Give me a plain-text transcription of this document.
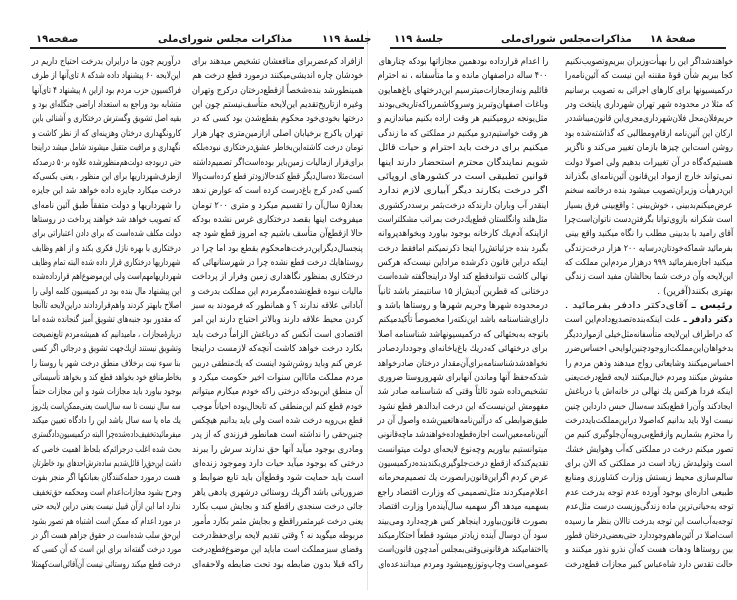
صفحه۱۹	مذاکرات مجلس شورای‌ملی	جلسهٔ ۱۱۹
ازافراد کم‌عضربرای منافعشان تشخیص میدهند برای
خودشان چاره اندیشی‌میکنند درمورد قطع درخت هم
همینطورشد بنده‌شخصاً ازقطع‌درختان درکرج وتهران
وغیره ازتاریخ‌تقدیم این‌لایحه متأسف‌نیستم چون این
درختها بخودی‌خود محکوم بقطع‌شدن بود کسی که در
تهران یاکرج برخیابان اصلی ازازمین‌متری چهار هزار
تومان درخت کاشته‌این‌بخاطر عشق‌درختکاری نبوده‌بلکه
برای‌فرار ازمالیات زمین‌بایر بوده‌است‌اگر تصمیم‌داشته
است‌مثلا ده‌سال‌دیگر قطع کندحالازودتر قطع کرده‌است‌والا
کسی که‌در کرج باغ‌درست کرده است که عوارض ندهد
بعداز۵ سال‌آن را تقسیم میکرد و متری ۲۰۰ تومان
میفروخت اینها بقصد درختکاری غرس نشده بودکه
حالا ازقطع‌آن متأسف باشیم چه امروز قطع شود چه
پنجسال‌دیگراین‌درخت‌هامحکوم بقطع بود اما چرا در
روستاهایك درخت قطع نشده چرا در شهرستانهائی که
درختکاری بمنظور نگاهداری زمین وفرار از پرداخت
مالیات نبوده قطع‌نشده‌مگرمردم این مملکت بدرخت و
آبادانی علاقه ندارند ؟ و همانطور که فرمودند به سبز
کردن محیط علاقه دارند وبالاتر احتیاج دارند این امر
اقتصادی است آنکس که درباغش الزاماً درخت باید
بکارد درخت خواهد کاشت آنچه‌که لازمست دراینجا
عرض کنم وباید روشن‌شود اینست که یك‌منطقی دربین
مردم مملکت ماتااین سنوات اخیر حکومت میکرد و
آن منطق این‌بودکه درختی راکه خودم میکارم میتوانم
خودم قطع کنم این‌منطقی که تابحال‌بوده احیاناً موجب
قطع بی‌رویه درخت شده است ولی باید بدانیم هیچکس
چنین‌حقی را نداشته است همانطور فرزندی که از پدر
ومادری بوجود میآید آنها حق ندارند سرش را ببرند
درختی که بوجود میآید حیات دارد وموجود زنده‌ای
است باید حمایت شود وقطع‌آن باید تابع ضوابط و
ضروریاتی باشد اگریك روستائی درشهری یادهی یاهر
جائی درخت سنجدی راقطع کند و بجایش سیب بکارد
یعنی درخت غیرمثمرراقطع و بجایش مثمر بکارد مأمور
مربوطه میگوید نه ؟ وقتی تقدیم لایحه برای‌حفظ‌درخت
وفضای سبزمملکت است ماباید این موضوع‌قطع‌درخت
راکه قبلا بدون ضابطه بود تحت ضابطه ولاحقه‌ای
درآوریم چون ما درایران بدرخت احتیاج داریم در
این‌لایحه ۶۰ پیشنهاد داده شدکه ۸ تای‌آنها از طرف
فراکسیون حزب مردم بود ازاین ۸ پیشنهاد ۴ تای‌آنها
متشابه بود وراجع به استعداد اراضی جنگله‌ای بود و
بقیه اصل تشویق وگسترش درختکاری و آشنائی باین
کارونگهداری درختان وهزینه‌ای که از نظر کاشت و
نگهداری و مراقبت متقبل میشوند شامل میشد دراینجا
حتی دربودجه دولت‌هم‌منظورشده علاوه بر۵۰ درصدکه
ازطرف‌شهرداریها برای این منظور ، یعنی بکسی‌که
درخت میکارد جایزه داده خواهد شد این جایزه
را شهرداریها و دولت متفقاً طبق آئین نامه‌ای
که تصویب خواهد شد خواهند پرداخت در روستاها
دولت مکلف شده‌است که برای دادن اعتباراتی برای
درختکاری با بهره نازل فکری بکند و از اهم وظایف
شهرداریها درختکاری قرار داده شده البته تمام وظایف
شهرداریهامهم‌است ولی این‌موضوع‌اهم قرارداده‌شده
این پیشنهاد مال بنده بود در کمیسیون کلمه اولی را
اصلاح بابهتر کردند واهم‌قراردادند دراین‌لایحه تاآنجا
که مقدور بود جنبه‌های تشویق آمیز گنجانده شده اما
دربارهٔ‌مجازات ، مامیدانیم که همیشه‌مردم تابع‌نصیحت
وتشویق نیستند ازیك‌جهت تشویق و درجائی اگر کسی
بنا سوء نیت برخلاف منطق درخت شهر یا روستا را
بخاطرمنافع خود بخواهد قطع کند و بخواهد تأسیساتی
بوجود بیاورد باید مجازات شود و این مجازات حتماً
سه سال نیست تا سه سال‌است یعنی‌ممکن‌است یك‌روز
یك ماه یا سه سال باشد این را دادگاه تعیین میکند
میفرمائید‌تخفیف‌داده‌شده‌چرا البته درکمیسیون‌دادگستری
بحث شده اغلب درجرائم‌که بلحاظ اهمیت خاصی که
داشت این‌حق‌را قائل‌شدیم ساده‌ترش‌احدهای بود خاطرتان
هست درمورد حمله‌کنندگان بعبانکها اگر منجر بفوت
وجرح بشود مجازات‌اعدام است ومحکمه حق‌تخفیف
ندارد اما این ازآن قبیل نیست یعنی دراین لایحه حتی
در مورد اعدام که ممکن است اشتباه هم تصور بشود
این‌حق سلب شده‌است در حقوق جزاهم هست اگر در
مورد درخت گفته‌اند برای این است که آن کسی که
درخت قطع میکند روستائی نیست آن‌آقائی‌است‌کهمثلا
جلسهٔ ۱۱۹	مذاکرات‌مجلس شورای‌ملی صفحهٔ ۱۸
خواهندشداگر این را بهیأت‌وزیران ببریم‌وتصویب‌نکنیم
کجا ببریم شأن قوهٔ مقننه این نیست که آئین‌نامه‌را
درکمیسیونها برای کارهای اجرائی به تصویب برسانیم
که مثلا در محدوده شهر تهران شهرداری پایتخت ودر
حریم‌فلان‌محل فلان‌شهرداری‌مجری‌این قانون‌میباشددر
ارکان این آئین‌نامه ارقام‌ومطالبی که گذاشته‌شده بود
روشن است‌این چیزها بازمان تغییر می‌کند و ناگزیر
هستیم‌که‌گاه در آن تغییرات بدهیم ولی اصولا دولت
نمی‌تواند خارج ازمواد این‌قانون آئین‌نامه‌ای بگذراند
این‌درهیأت وزیران‌تصویب میشود بنده درخاتمه سخنم
عرض‌میکنم‌بدبینی ، خوش‌بینی : واقع‌بینی فرق بسیار
است شکرانه بازوی‌توانا بگرفتن‌دست ناتوان‌است‌چرا
آقای رامید با بدبینی مطلب را نگاه میکنید واقع بینی
بفرمائید شماکه‌خودتان‌درسایه ۲۰۰ هزار درخت‌زندگی
میکنید اجازه‌بفرمائید ۹۹۹ درهزار مردم‌این مملکت که
این‌لایحه وآن درخت شما بحالشان مفید است زندگی
بهتری بکنند(آفرین) .
رئیس ـ آقای‌دکتر دادفر بفرمائید .
دکتر دادفر ـ علت اینکه‌بنده‌تصدیع‌دادم‌این است
که دراطراف این‌لایحه متأسفانه‌مثل‌خیلی ازموارددیگر
بدخواهان‌این‌مملکت‌ازوجودچنین‌لوایحی احساس‌ضرر
احساس‌میکنند وشایعاتی رواج میدهند وذهن مردم را
مشوش میکنند ومردم خیال‌میکنند لایحه قطع‌درخت‌یعنی
اینکه فردا هرکس یك نهالی در خانه‌اش یا درباغش
ایجادکند وآن‌را قطع‌بکند سه‌سال حبس دارداین چنین
نیست اولا باید بدانیم که‌اصولا دراین‌مملکت‌بایددرخت
را محترم بشماریم وازقطع‌بی‌رویه‌آن‌جلوگیری کنیم من
تصور میکنم درخت در مملکتی که‌آب وهوایش خشك
است وتولیدش زیاد است در مملکتی که الان برای
سالم‌سازی محیط زیستش وزارت کشاورزی ومنابع
طبیعی اداره‌ای بوجود آورده عدم توجه بدرخت عدم
توجه به‌حیاتی‌ترین ماده زندگی‌وزیست درست مثل‌عدم
توجه‌به‌آب‌است این توجه بدرخت تاالان بنظر ما رسیده
است‌اصلا در آئین‌ماهم‌وجوددارد حتی‌بعضی‌درختان قطور
بین روستاها ودهات هست که‌آن نذرو نذور میکنند و
حالت تقدس دارد شاه‌عباس کبیر مجازات قطع‌درخت
را اعدام قرارداده بودهمین مجازاتها بودکه چنارهای
۴۰۰ ساله دراصفهان مانده و ما متأسفانه ، نه احترام
قائلیم ونه‌ازمجازات‌میترسیم این‌درختهای باغ‌همایون
وباغات اصفهان‌وتبریز وسروکاشمرراکه‌تاریخی‌بودند
مثل‌یونجه درومیکنیم هر وقت اراده بکنیم میاندازیم و
هر وقت خواستیم‌درو میکنیم در مملکتی که ما زندگی
میکنیم برای درخت باید احترام و حیات قائل
شویم نمایندگان محترم استحضار دارند اینها
قوانین تطبیقی است در کشورهای اروپائی
اگر درخت بکارند دیگر آبیاری لازم ندارد
اینقدر آب وباران دارندکه درخت‌بثمر برسددرکشوری
مثل‌هلند وانگلستان قطع‌یك‌درخت بمراتب مشکلتراست
ازاینکه آدم‌یك کارخانه بوجود بیاورد وبخواهدپروانه
بگیرد بنده جزئیاتش‌را اینجا ذکرنمیکنم امافقط درخت
اینکه دراین قانون ذکرشده مراداین نیست‌که هرکس
نهالی کاشت نتواندقطع کند اولا دراینجاگفته شده‌است
درختانی که قطرین آدیش‌از ۱۵ سانتیمتر باشد ثانیاً
درمحدوده شهرها وحریم شهرها و روستاها باشد و
دارای‌شناسنامه باشد این‌نکته‌را مخصوصاً تأکیدمیکنم
باتوجه به‌بحثهائی که درکمیسیونهاشد شناسنامه اصلا
برای درختهائی که‌دریك باغ‌یاخانه‌ای وجوددارد‌صادر
نخواهدشدشناسنامه‌برای‌آن‌مقدار درختان صادرخواهد
شدکه‌حفظ آنها وماندن آنهابرای شهروروستا ضروری
تشخیص‌داده شود ثالثاً وقتی که شناسنامه صادر شد
مفهومش این‌نیست‌که این درخت ابدالدهر قطع نشود
طبق‌ضوابطی که درآئین‌نامه‌هاتعیین‌شده واصول آن در
آئین‌نامه‌معین‌است اجازه‌قطع‌داده‌خواهندشد ماچه‌قانونی
میتوانستیم بیاوریم وچه‌نوع لایحه‌ای دولت میتوانست
تقدیم‌کندکه ازقطع درخت‌جلوگیری‌بکندبنده‌درکمیسیون
عرض کردم اگراین‌قانون‌رابصورت یك تصمیم‌محرمانه
اعلام‌میکردند مثل‌تصمیمی که وزارت اقتصاد راجع
بسهمیه میدهد اگر سهمیه سال‌آینده‌را وزارت اقتصاد
بصورت قانون‌بیاورد اینجاهر کس هرچه‌دارد ومی‌بیند
سود آن دوسال آینده زیادتر میشود قطعاً احتکارمیکند
یااختفامیکند هرقانونی‌وقتی‌بمجلس آمدچون قانون‌است
عمومی‌است وچاپ‌وتوزیع‌میشود ومردم میدانندعده‌ای
